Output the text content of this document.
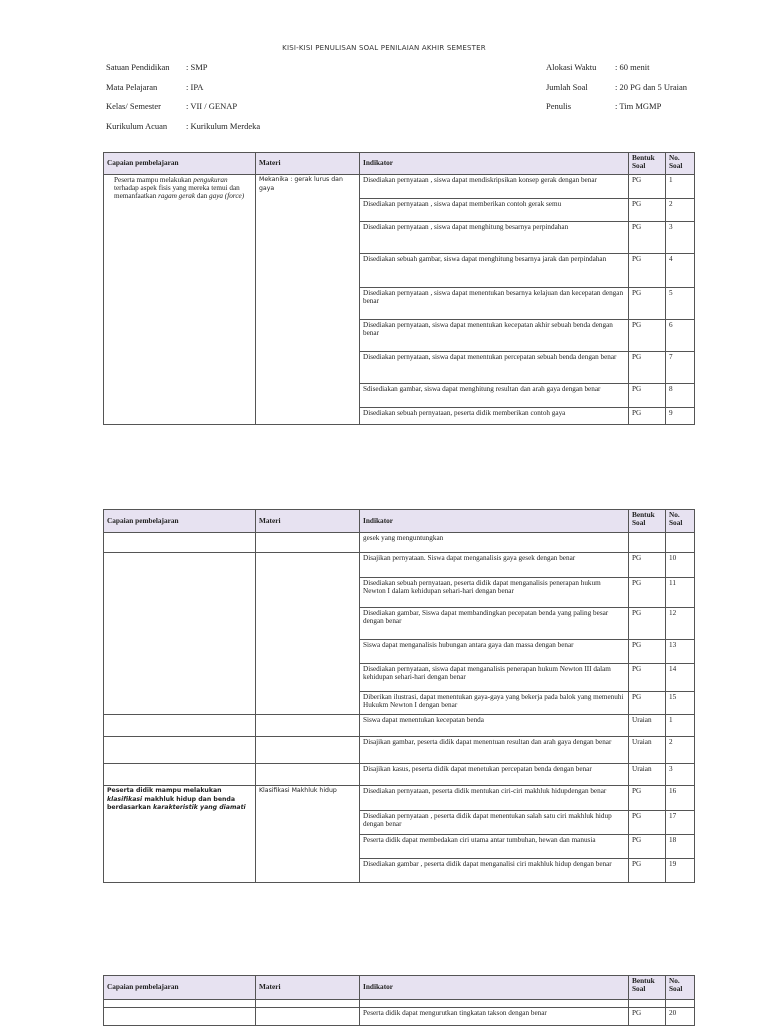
KISI-KISI PENULISAN SOAL PENILAIAN AKHIR SEMESTER
Satuan Pendidikan : SMP
Mata Pelajaran	: IPA
Kelas/ Semester	: VII / GENAP
Kurikulum Acuan : Kurikulum Merdeka
Alokasi Waktu : 60 menit
Jumlah Soal	: 20 PG dan 5 Uraian
Penulis	: Tim MGMP
Capaian pembelajaran	Materi	Indikator	Bentuk Soal	No. Soal
Peserta mampu melakukan pengukuran terhadap aspek fisis yang mereka temui dan memanfaatkan ragam gerak dan gaya (force)	Mekanika : gerak lurus dan gaya	Disediakan pernyataan , siswa dapat mendiskripsikan konsep gerak dengan benar	PG	1
		Disediakan pernyataan , siswa dapat memberikan contoh gerak semu	PG	2
		Disediakan pernyataan , siswa dapat menghitung besarnya perpindahan	PG	3
		Disediakan sebuah gambar, siswa dapat menghitung besarnya jarak dan perpindahan	PG	4
		Disediakan pernyataan , siswa dapat menentukan besarnya kelajuan dan kecepatan dengan benar	PG	5
		Disediakan pernyataan, siswa dapat menentukan kecepatan akhir sebuah benda dengan benar	PG	6
		Disediakan pernyataan, siswa dapat menentukan percepatan sebuah benda dengan benar	PG	7
		Sdisediakan gambar, siswa dapat menghitung resultan dan arah gaya dengan benar	PG	8
		Disediakan sebuah pernyataan, peserta didik memberikan contoh gaya	PG	9
Capaian pembelajaran	Materi	Indikator	Bentuk Soal	No. Soal
		gesek yang menguntungkan		
		Disajikan pernyataan. Siswa dapat menganalisis gaya gesek dengan benar	PG	10
		Disediakan sebuah pernyataan, peserta didik dapat menganalisis penerapan hukum Newton I dalam kehidupan sehari-hari dengan benar	PG	11
		Disediakan gambar, Siswa dapat membandingkan pecepatan benda yang paling besar dengan benar	PG	12
		Siswa dapat menganalisis hubungan antara gaya dan massa dengan benar	PG	13
		Disediakan pernyataan, siswa dapat menganalisis penerapan hukum Newton III dalam kehidupan sehari-hari dengan benar	PG	14
		Diberikan ilustrasi, dapat menentukan gaya-gaya yang bekerja pada balok yang memenuhi Hukukm Newton I dengan benar	PG	15
		Siswa dapat menentukan kecepatan benda	Uraian	1
		Disajikan gambar, peserta didik dapat menentuan resultan dan arah gaya dengan benar	Uraian	2
		Disajikan kasus, peserta didik dapat menetukan percepatan benda dengan benar	Uraian	3
Peserta didik mampu melakukan klasifikasi makhluk hidup dan benda berdasarkan karakteristik yang diamati	Klasifikasi Makhluk hidup	Disediakan pernyataan, peserta didik mentukan ciri-ciri makhluk hidupdengan benar	PG	16
		Disediakan pernyataan , peserta didik dapat menentukan salah satu ciri makhluk hidup dengan benar	PG	17
		Peserta didik dapat membedakan ciri utama antar tumbuhan, hewan dan manusia	PG	18
		Disediakan gambar , peserta didik dapat menganalisi ciri makhluk hidup dengan benar	PG	19
Capaian pembelajaran	Materi	Indikator	Bentuk Soal	No. Soal

		Peserta didik dapat mengurutkan tingkatan takson dengan benar	PG	20
